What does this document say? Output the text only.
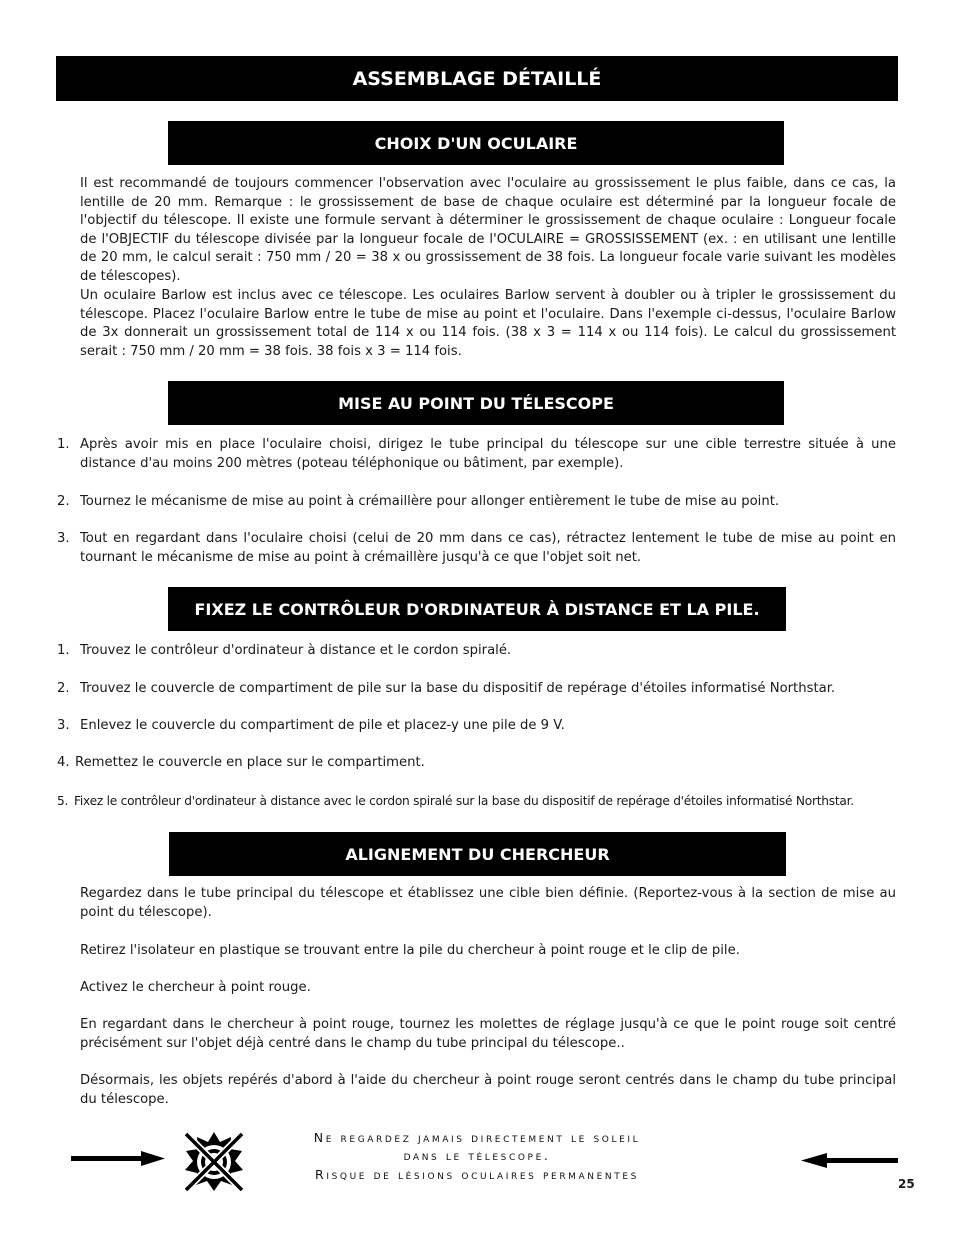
ASSEMBLAGE DÉTAILLÉ
CHOIX D'UN OCULAIRE
Il est recommandé de toujours commencer l'observation avec l'oculaire au grossissement le plus faible, dans ce cas, la lentille de 20 mm. Remarque : le grossissement de base de chaque oculaire est déterminé par la longueur focale de l'objectif du télescope. Il existe une formule servant à déterminer le grossissement de chaque oculaire : Longueur focale de l'OBJECTIF du télescope divisée par la longueur focale de l'OCULAIRE = GROSSISSEMENT (ex. : en utilisant une lentille de 20 mm, le calcul serait : 750 mm / 20 = 38 x ou grossissement de 38 fois. La longueur focale varie suivant les modèles de télescopes).
Un oculaire Barlow est inclus avec ce télescope. Les oculaires Barlow servent à doubler ou à tripler le grossissement du télescope. Placez l'oculaire Barlow entre le tube de mise au point et l'oculaire. Dans l'exemple ci-dessus, l'oculaire Barlow de 3x donnerait un grossissement total de 114 x ou 114 fois. (38 x 3 = 114 x ou 114 fois). Le calcul du grossissement serait : 750 mm / 20 mm = 38 fois. 38 fois x 3 = 114 fois.
MISE AU POINT DU TÉLESCOPE
1. Après avoir mis en place l'oculaire choisi, dirigez le tube principal du télescope sur une cible terrestre située à une distance d'au moins 200 mètres (poteau téléphonique ou bâtiment, par exemple).
2. Tournez le mécanisme de mise au point à crémaillère pour allonger entièrement le tube de mise au point.
3. Tout en regardant dans l'oculaire choisi (celui de 20 mm dans ce cas), rétractez lentement le tube de mise au point en tournant le mécanisme de mise au point à crémaillère jusqu'à ce que l'objet soit net.
FIXEZ LE CONTRÔLEUR D'ORDINATEUR À DISTANCE ET LA PILE.
1. Trouvez le contrôleur d'ordinateur à distance et le cordon spiralé.
2. Trouvez le couvercle de compartiment de pile sur la base du dispositif de repérage d'étoiles informatisé Northstar.
3. Enlevez le couvercle du compartiment de pile et placez-y une pile de 9 V.
4. Remettez le couvercle en place sur le compartiment.
5. Fixez le contrôleur d'ordinateur à distance avec le cordon spiralé sur la base du dispositif de repérage d'étoiles informatisé Northstar.
ALIGNEMENT DU CHERCHEUR
Regardez dans le tube principal du télescope et établissez une cible bien définie. (Reportez-vous à la section de mise au point du télescope).
Retirez l'isolateur en plastique se trouvant entre la pile du chercheur à point rouge et le clip de pile.
Activez le chercheur à point rouge.
En regardant dans le chercheur à point rouge, tournez les molettes de réglage jusqu'à ce que le point rouge soit centré précisément sur l'objet déjà centré dans le champ du tube principal du télescope..
Désormais, les objets repérés d'abord à l'aide du chercheur à point rouge seront centrés dans le champ du tube principal du télescope.
Ne regardez jamais directement le soleil
dans le télescope.
Risque de lésions oculaires permanentes
25
